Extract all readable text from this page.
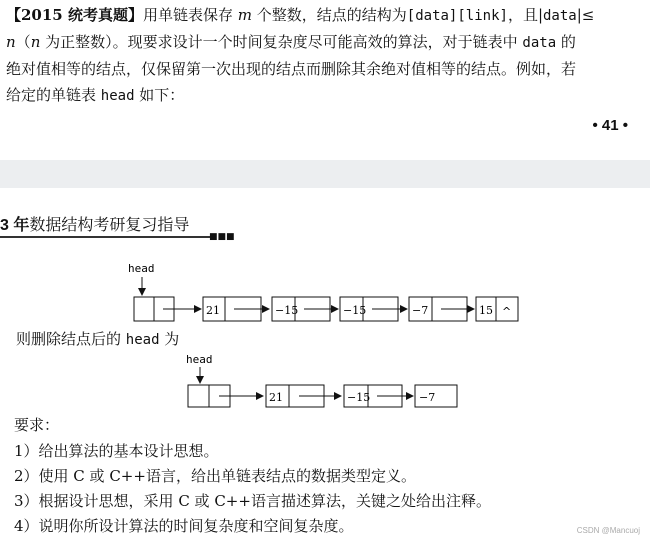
【2015 统考真题】用单链表保存 m 个整数，结点的结构为[data][link]，且|data|≤
n（n 为正整数）。现要求设计一个时间复杂度尽可能高效的算法，对于链表中 data 的
绝对值相等的结点，仅保留第一次出现的结点而删除其余绝对值相等的结点。例如，若
给定的单链表 head 如下：
• 41 •
3 年数据结构考研复习指导
■■■
head
21	−15	−15	−7	15 ^
head
21	−15	−7
则删除结点后的 head 为
要求：
1）给出算法的基本设计思想。
2）使用 C 或 C++语言，给出单链表结点的数据类型定义。
3）根据设计思想，采用 C 或 C++语言描述算法，关键之处给出注释。
4）说明你所设计算法的时间复杂度和空间复杂度。	CSDN @Mancuoj
